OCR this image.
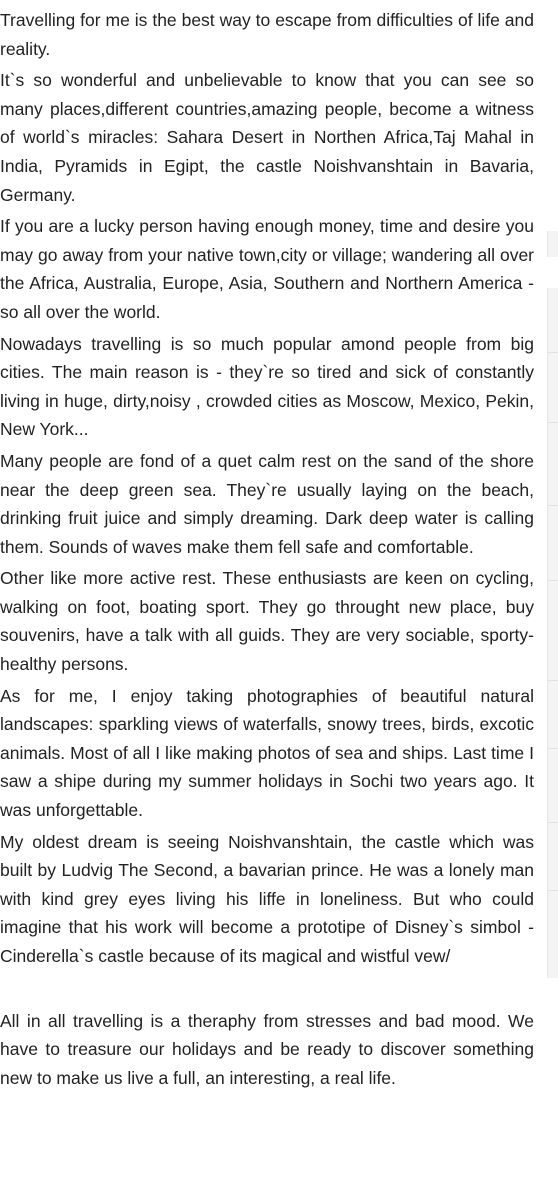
Travelling for me is the best way to escape from difficulties of life and reality.

It`s so wonderful and unbelievable to know that you can see so many places,different countries,amazing people, become a witness of world`s miracles: Sahara Desert in Northen Africa,Taj Mahal in India, Pyramids in Egipt, the castle Noishvanshtain in Bavaria, Germany.

If you are a lucky person having enough money, time and desire you may go away from your native town,city or village; wandering all over the Africa, Australia, Europe, Asia, Southern and Northern America - so all over the world.

Nowadays travelling is so much popular amond people from big cities. The main reason is - they`re so tired and sick of constantly living in huge, dirty,noisy , crowded cities as Moscow, Mexico, Pekin, New York...

Many people are fond of a quet calm rest on the sand of the shore near the deep green sea. They`re usually laying on the beach, drinking fruit juice and simply dreaming. Dark deep water is calling them. Sounds of waves make them fell safe and comfortable.

Other like more active rest. These enthusiasts are keen on cycling, walking on foot, boating sport. They go throught new place, buy souvenirs, have a talk with all guids. They are very sociable, sporty-healthy persons.

As for me, I enjoy taking photographies of beautiful natural landscapes: sparkling views of waterfalls, snowy trees, birds, excotic animals. Most of all I like making photos of sea and ships. Last time I saw a shipe during my summer holidays in Sochi two years ago. It was unforgettable.

My oldest dream is seeing Noishvanshtain, the castle which was built by Ludvig The Second, a bavarian prince. He was a lonely man with kind grey eyes living his liffe in loneliness. But who could imagine that his work will become a prototipe of Disney`s simbol - Cinderella`s castle because of its magical and wistful vew/

All in all travelling is a theraphy from stresses and bad mood. We have to treasure our holidays and be ready to discover something new to make us live a full, an interesting, a real life.
